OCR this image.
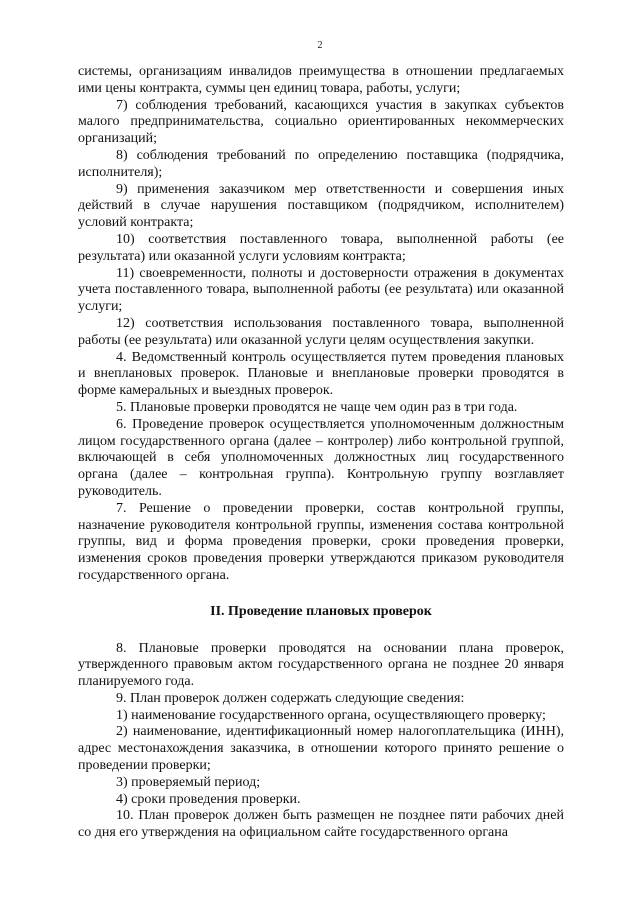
2

системы, организациям инвалидов преимущества в отношении предлагаемых ими цены контракта, суммы цен единиц товара, работы, услуги;

7) соблюдения требований, касающихся участия в закупках субъектов малого предпринимательства, социально ориентированных некоммерческих организаций;

8) соблюдения требований по определению поставщика (подрядчика, исполнителя);

9) применения заказчиком мер ответственности и совершения иных действий в случае нарушения поставщиком (подрядчиком, исполнителем) условий контракта;

10) соответствия поставленного товара, выполненной работы (ее результата) или оказанной услуги условиям контракта;

11) своевременности, полноты и достоверности отражения в документах учета поставленного товара, выполненной работы (ее результата) или оказанной услуги;

12) соответствия использования поставленного товара, выполненной работы (ее результата) или оказанной услуги целям осуществления закупки.

4. Ведомственный контроль осуществляется путем проведения плановых и внеплановых проверок. Плановые и внеплановые проверки проводятся в форме камеральных и выездных проверок.

5. Плановые проверки проводятся не чаще чем один раз в три года.

6. Проведение проверок осуществляется уполномоченным должностным лицом государственного органа (далее – контролер) либо контрольной группой, включающей в себя уполномоченных должностных лиц государственного органа (далее – контрольная группа). Контрольную группу возглавляет руководитель.

7. Решение о проведении проверки, состав контрольной группы, назначение руководителя контрольной группы, изменения состава контрольной группы, вид и форма проведения проверки, сроки проведения проверки, изменения сроков проведения проверки утверждаются приказом руководителя государственного органа.

II. Проведение плановых проверок

8. Плановые проверки проводятся на основании плана проверок, утвержденного правовым актом государственного органа не позднее 20 января планируемого года.

9. План проверок должен содержать следующие сведения:

1) наименование государственного органа, осуществляющего проверку;

2) наименование, идентификационный номер налогоплательщика (ИНН), адрес местонахождения заказчика, в отношении которого принято решение о проведении проверки;

3) проверяемый период;

4) сроки проведения проверки.

10. План проверок должен быть размещен не позднее пяти рабочих дней со дня его утверждения на официальном сайте государственного органа
